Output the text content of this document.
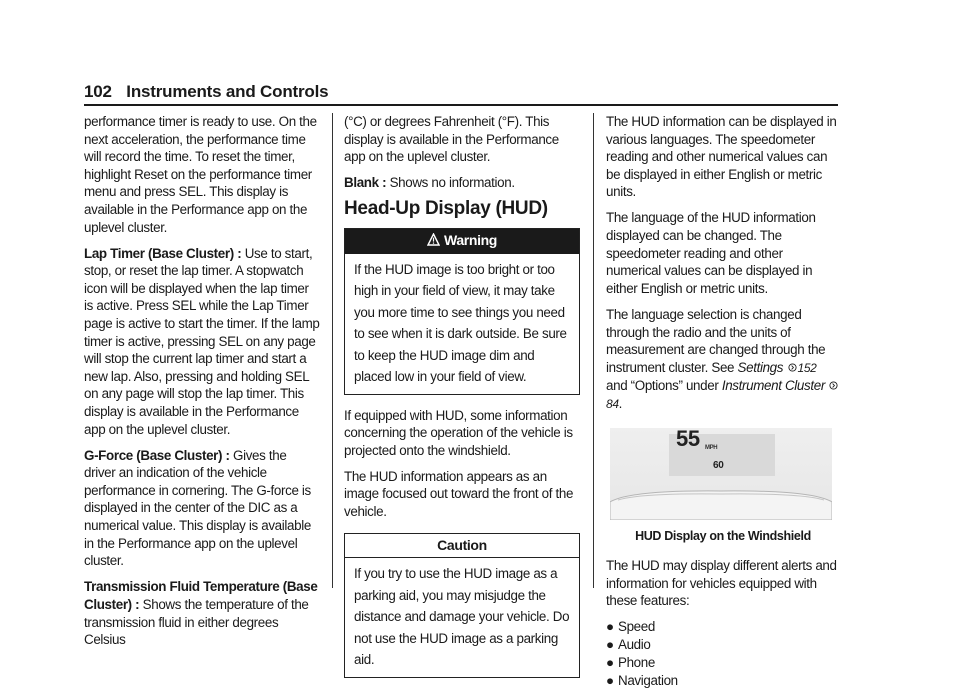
102 Instruments and Controls

performance timer is ready to use. On the next acceleration, the performance time will record the time. To reset the timer, highlight Reset on the performance timer menu and press SEL. This display is available in the Performance app on the uplevel cluster.

Lap Timer (Base Cluster) : Use to start, stop, or reset the lap timer. A stopwatch icon will be displayed when the lap timer is active. Press SEL while the Lap Timer page is active to start the timer. If the lamp timer is active, pressing SEL on any page will stop the current lap timer and start a new lap. Also, pressing and holding SEL on any page will stop the lap timer. This display is available in the Performance app on the uplevel cluster.

G-Force (Base Cluster) : Gives the driver an indication of the vehicle performance in cornering. The G-force is displayed in the center of the DIC as a numerical value. This display is available in the Performance app on the uplevel cluster.

Transmission Fluid Temperature (Base Cluster) : Shows the temperature of the transmission fluid in either degrees Celsius

(°C) or degrees Fahrenheit (°F). This display is available in the Performance app on the uplevel cluster.

Blank : Shows no information.

Head-Up Display (HUD)
Warning
If the HUD image is too bright or too high in your field of view, it may take you more time to see things you need to see when it is dark outside. Be sure to keep the HUD image dim and placed low in your field of view.

If equipped with HUD, some information concerning the operation of the vehicle is projected onto the windshield.

The HUD information appears as an image focused out toward the front of the vehicle.

Caution
If you try to use the HUD image as a parking aid, you may misjudge the distance and damage your vehicle. Do not use the HUD image as a parking aid.

The HUD information can be displayed in various languages. The speedometer reading and other numerical values can be displayed in either English or metric units.

The language of the HUD information displayed can be changed. The speedometer reading and other numerical values can be displayed in either English or metric units.

The language selection is changed through the radio and the units of measurement are changed through the instrument cluster. See Settings 152 and “Options” under Instrument Cluster 84.

55 MPH
60
HUD Display on the Windshield

The HUD may display different alerts and information for vehicles equipped with these features:

● Speed
● Audio
● Phone
● Navigation
